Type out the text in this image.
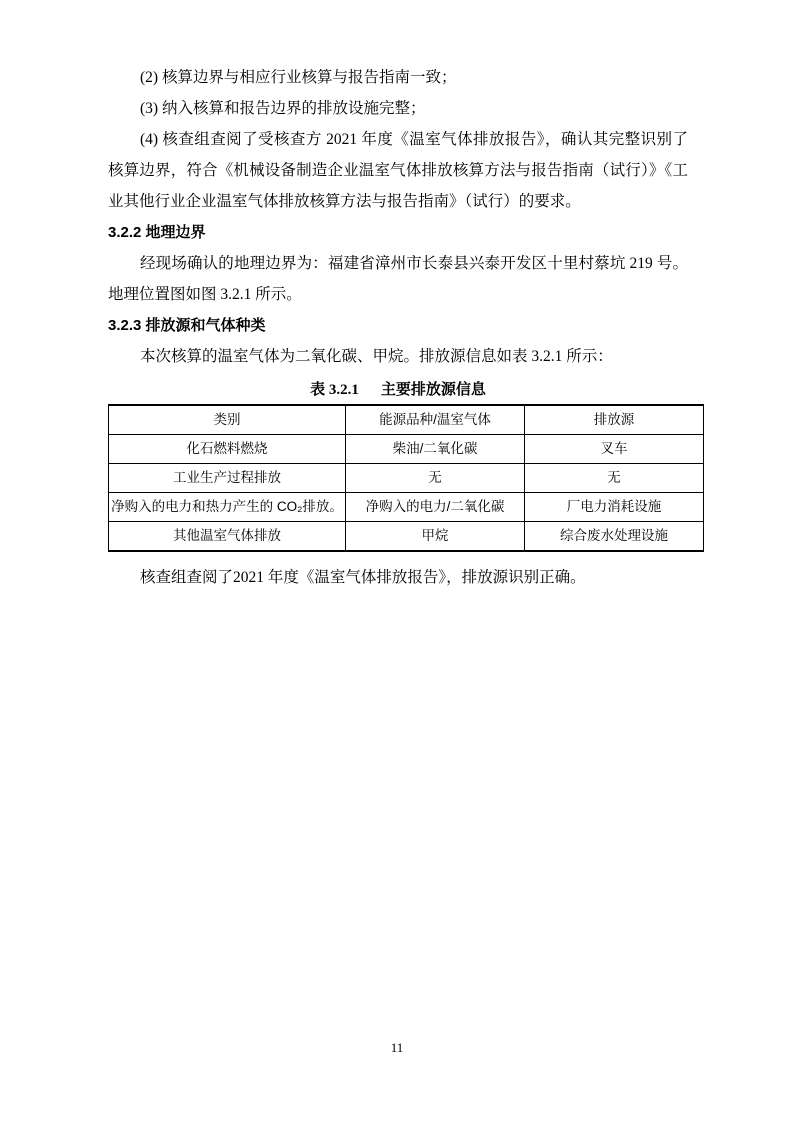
(2) 核算边界与相应行业核算与报告指南一致；

(3) 纳入核算和报告边界的排放设施完整；

(4) 核查组查阅了受核查方 2021 年度《温室气体排放报告》，确认其完整识别了核算边界，符合《机械设备制造企业温室气体排放核算方法与报告指南（试行）》《工业其他行业企业温室气体排放核算方法与报告指南》（试行）的要求。

3.2.2 地理边界

经现场确认的地理边界为：福建省漳州市长泰县兴泰开发区十里村蔡坑 219 号。地理位置图如图 3.2.1 所示。

3.2.3 排放源和气体种类

本次核算的温室气体为二氧化碳、甲烷。排放源信息如表 3.2.1 所示：

表 3.2.1 主要排放源信息
类别	能源品种/温室气体	排放源
化石燃料燃烧	柴油/二氧化碳	叉车
工业生产过程排放	无	无
净购入的电力和热力产生的 CO₂排放。	净购入的电力/二氧化碳	厂电力消耗设施
其他温室气体排放	甲烷	综合废水处理设施

核查组查阅了2021 年度《温室气体排放报告》，排放源识别正确。

11
